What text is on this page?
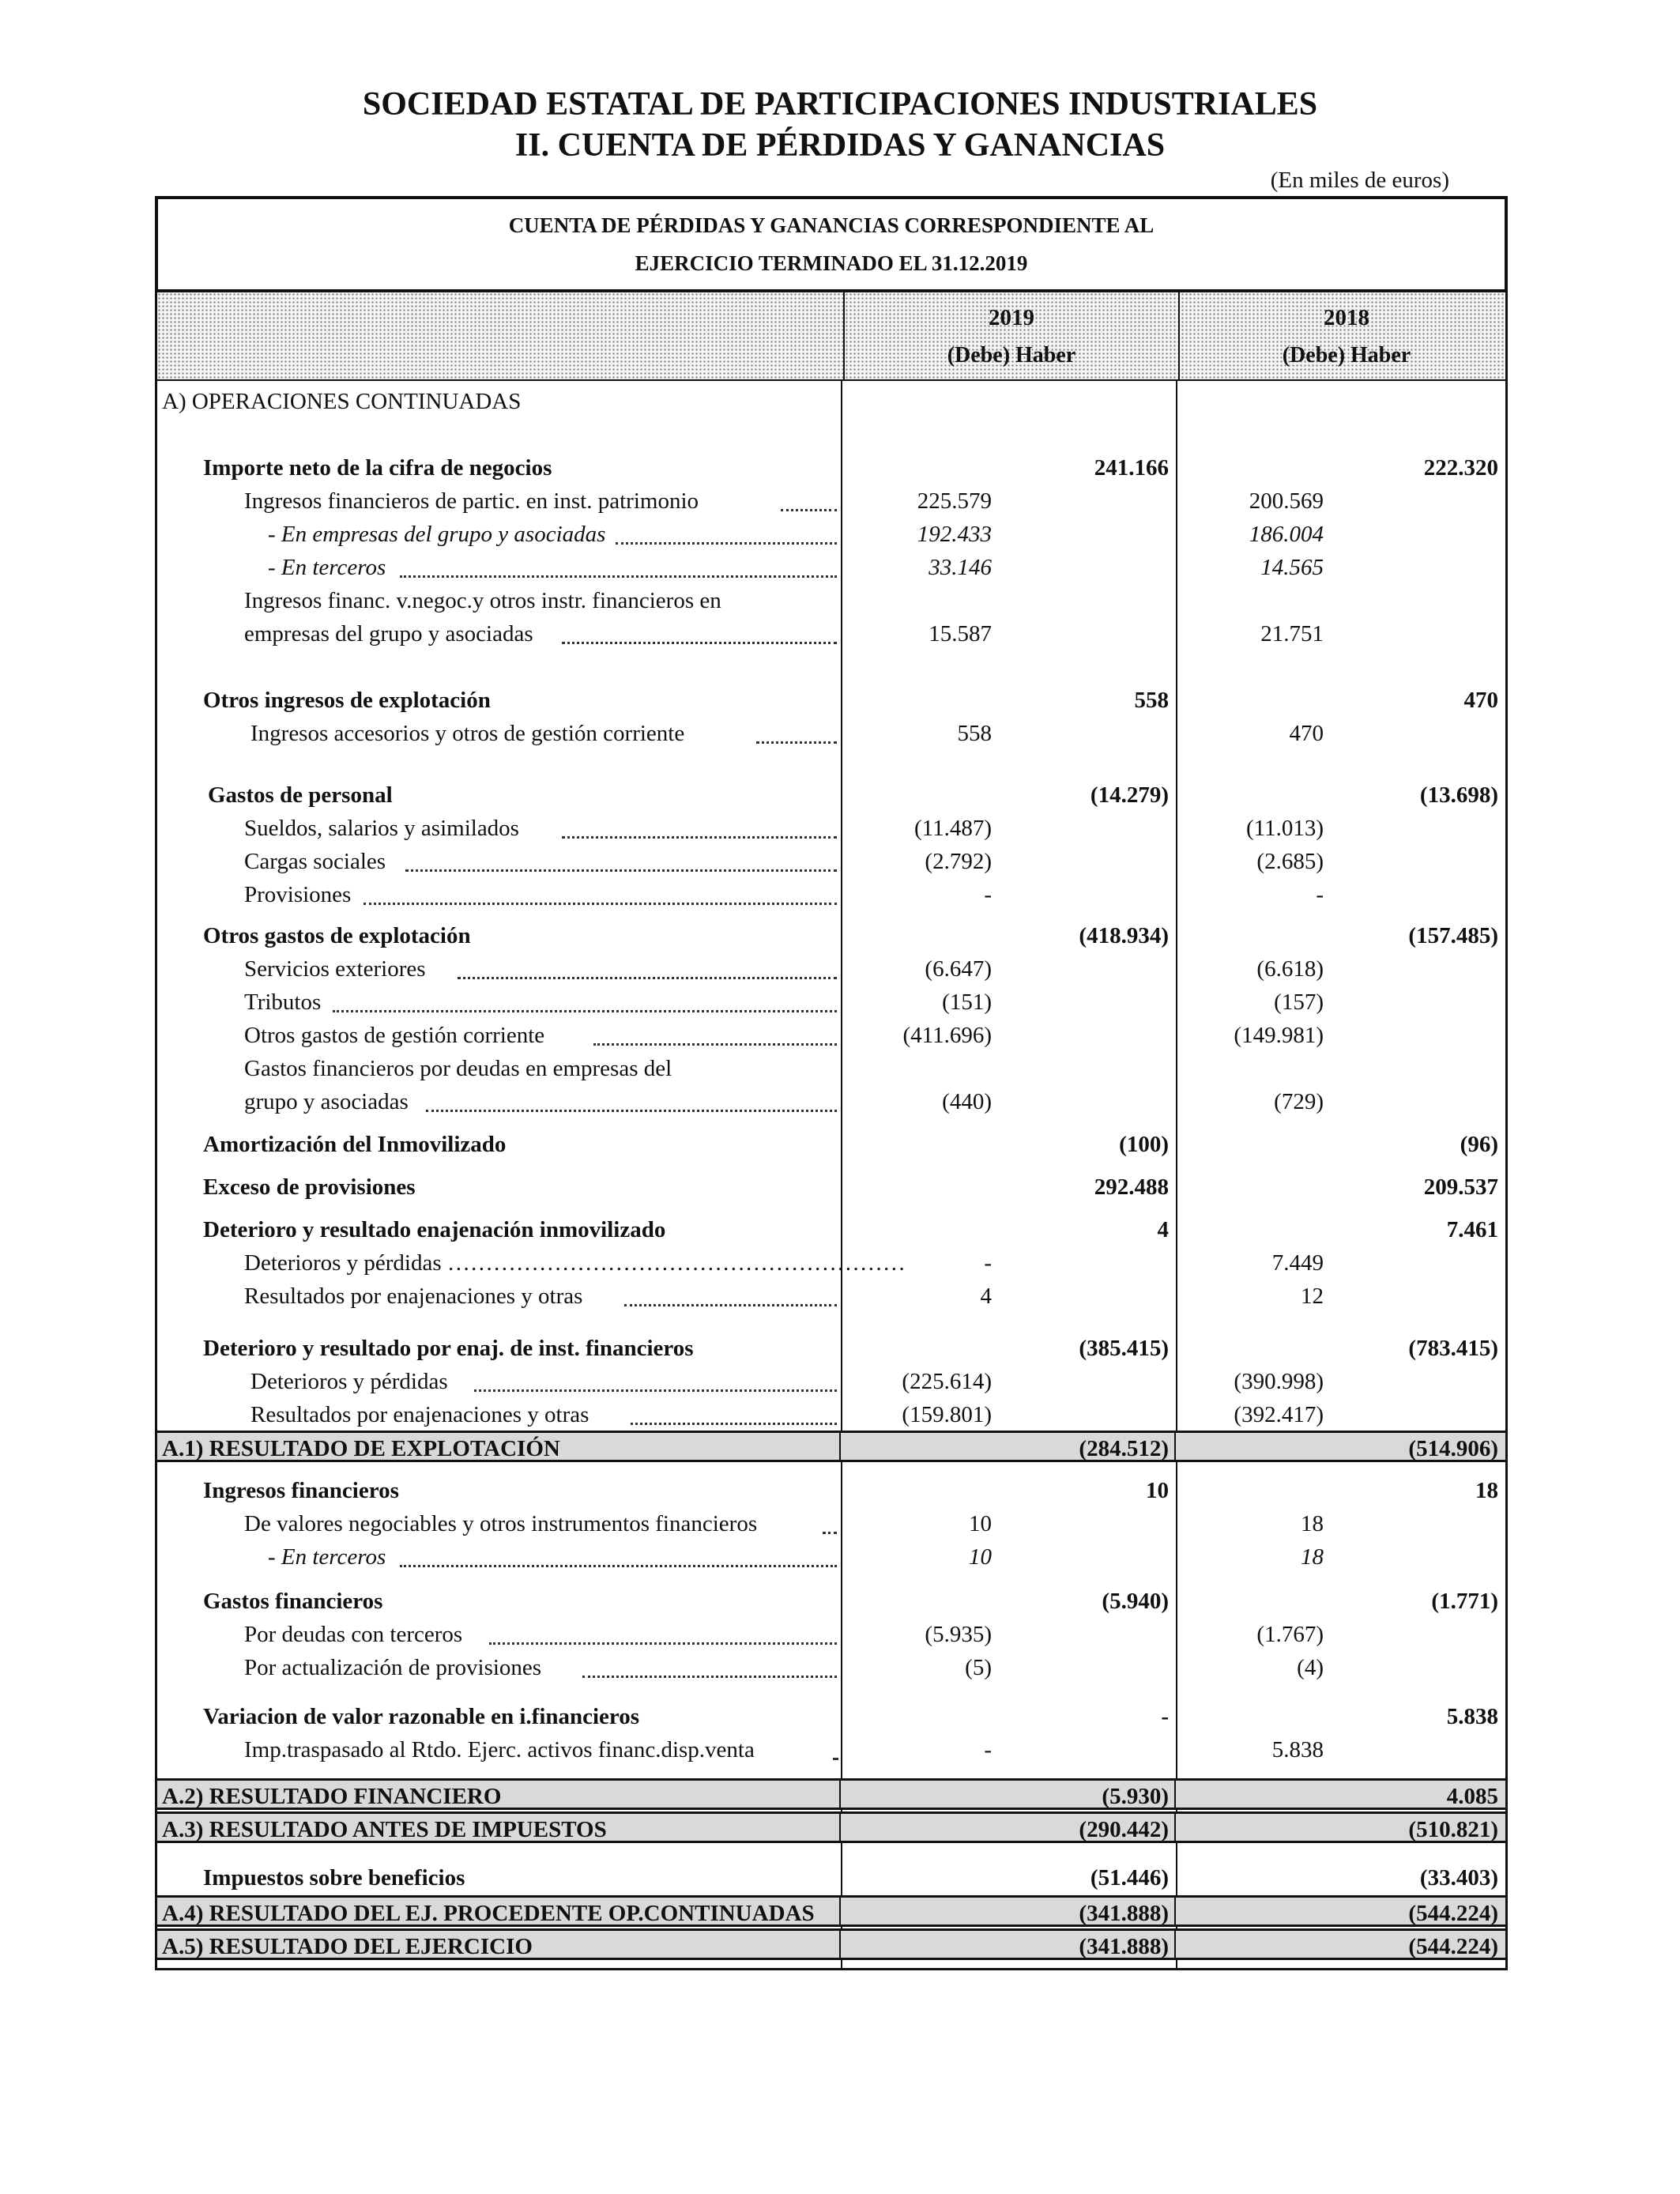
SOCIEDAD ESTATAL DE PARTICIPACIONES INDUSTRIALES
II. CUENTA DE PÉRDIDAS Y GANANCIAS
(En miles de euros)
CUENTA DE PÉRDIDAS Y GANANCIAS CORRESPONDIENTE AL
EJERCICIO TERMINADO EL 31.12.2019
2019	2018
(Debe) Haber	(Debe) Haber
A) OPERACIONES CONTINUADAS
Importe neto de la cifra de negocios	241.166	222.320
Ingresos financieros de partic. en inst. patrimonio	225.579	200.569
- En empresas del grupo y asociadas	192.433	186.004
- En terceros	33.146	14.565
Ingresos financ. v.negoc.y otros instr. financieros en
empresas del grupo y asociadas	15.587	21.751
Otros ingresos de explotación	558	470
Ingresos accesorios y otros de gestión corriente	558	470
Gastos de personal	(14.279)	(13.698)
Sueldos, salarios y asimilados	(11.487)	(11.013)
Cargas sociales	(2.792)	(2.685)
Provisiones	-	-
Otros gastos de explotación	(418.934)	(157.485)
Servicios exteriores	(6.647)	(6.618)
Tributos	(151)	(157)
Otros gastos de gestión corriente	(411.696)	(149.981)
Gastos financieros por deudas en empresas del
grupo y asociadas	(440)	(729)
Amortización del Inmovilizado	(100)	(96)
Exceso de provisiones	292.488	209.537
Deterioro y resultado enajenación inmovilizado	4	7.461
Deterioros y pérdidas ……………………………………………………	-	7.449
Resultados por enajenaciones y otras	4	12
Deterioro y resultado por enaj. de inst. financieros	(385.415)	(783.415)
Deterioros y pérdidas	(225.614)	(390.998)
Resultados por enajenaciones y otras	(159.801)	(392.417)
A.1) RESULTADO DE EXPLOTACIÓN	(284.512)	(514.906)
Ingresos financieros	10	18
De valores negociables y otros instrumentos financieros	10	18
- En terceros	10	18
Gastos financieros	(5.940)	(1.771)
Por deudas con terceros	(5.935)	(1.767)
Por actualización de provisiones	(5)	(4)
Variacion de valor razonable en i.financieros	-	5.838
Imp.traspasado al Rtdo. Ejerc. activos financ.disp.venta	-	5.838
A.2) RESULTADO FINANCIERO	(5.930)	4.085
A.3) RESULTADO ANTES DE IMPUESTOS	(290.442)	(510.821)
Impuestos sobre beneficios	(51.446)	(33.403)
A.4) RESULTADO DEL EJ. PROCEDENTE OP.CONTINUADAS	(341.888)	(544.224)
A.5) RESULTADO DEL EJERCICIO	(341.888)	(544.224)
